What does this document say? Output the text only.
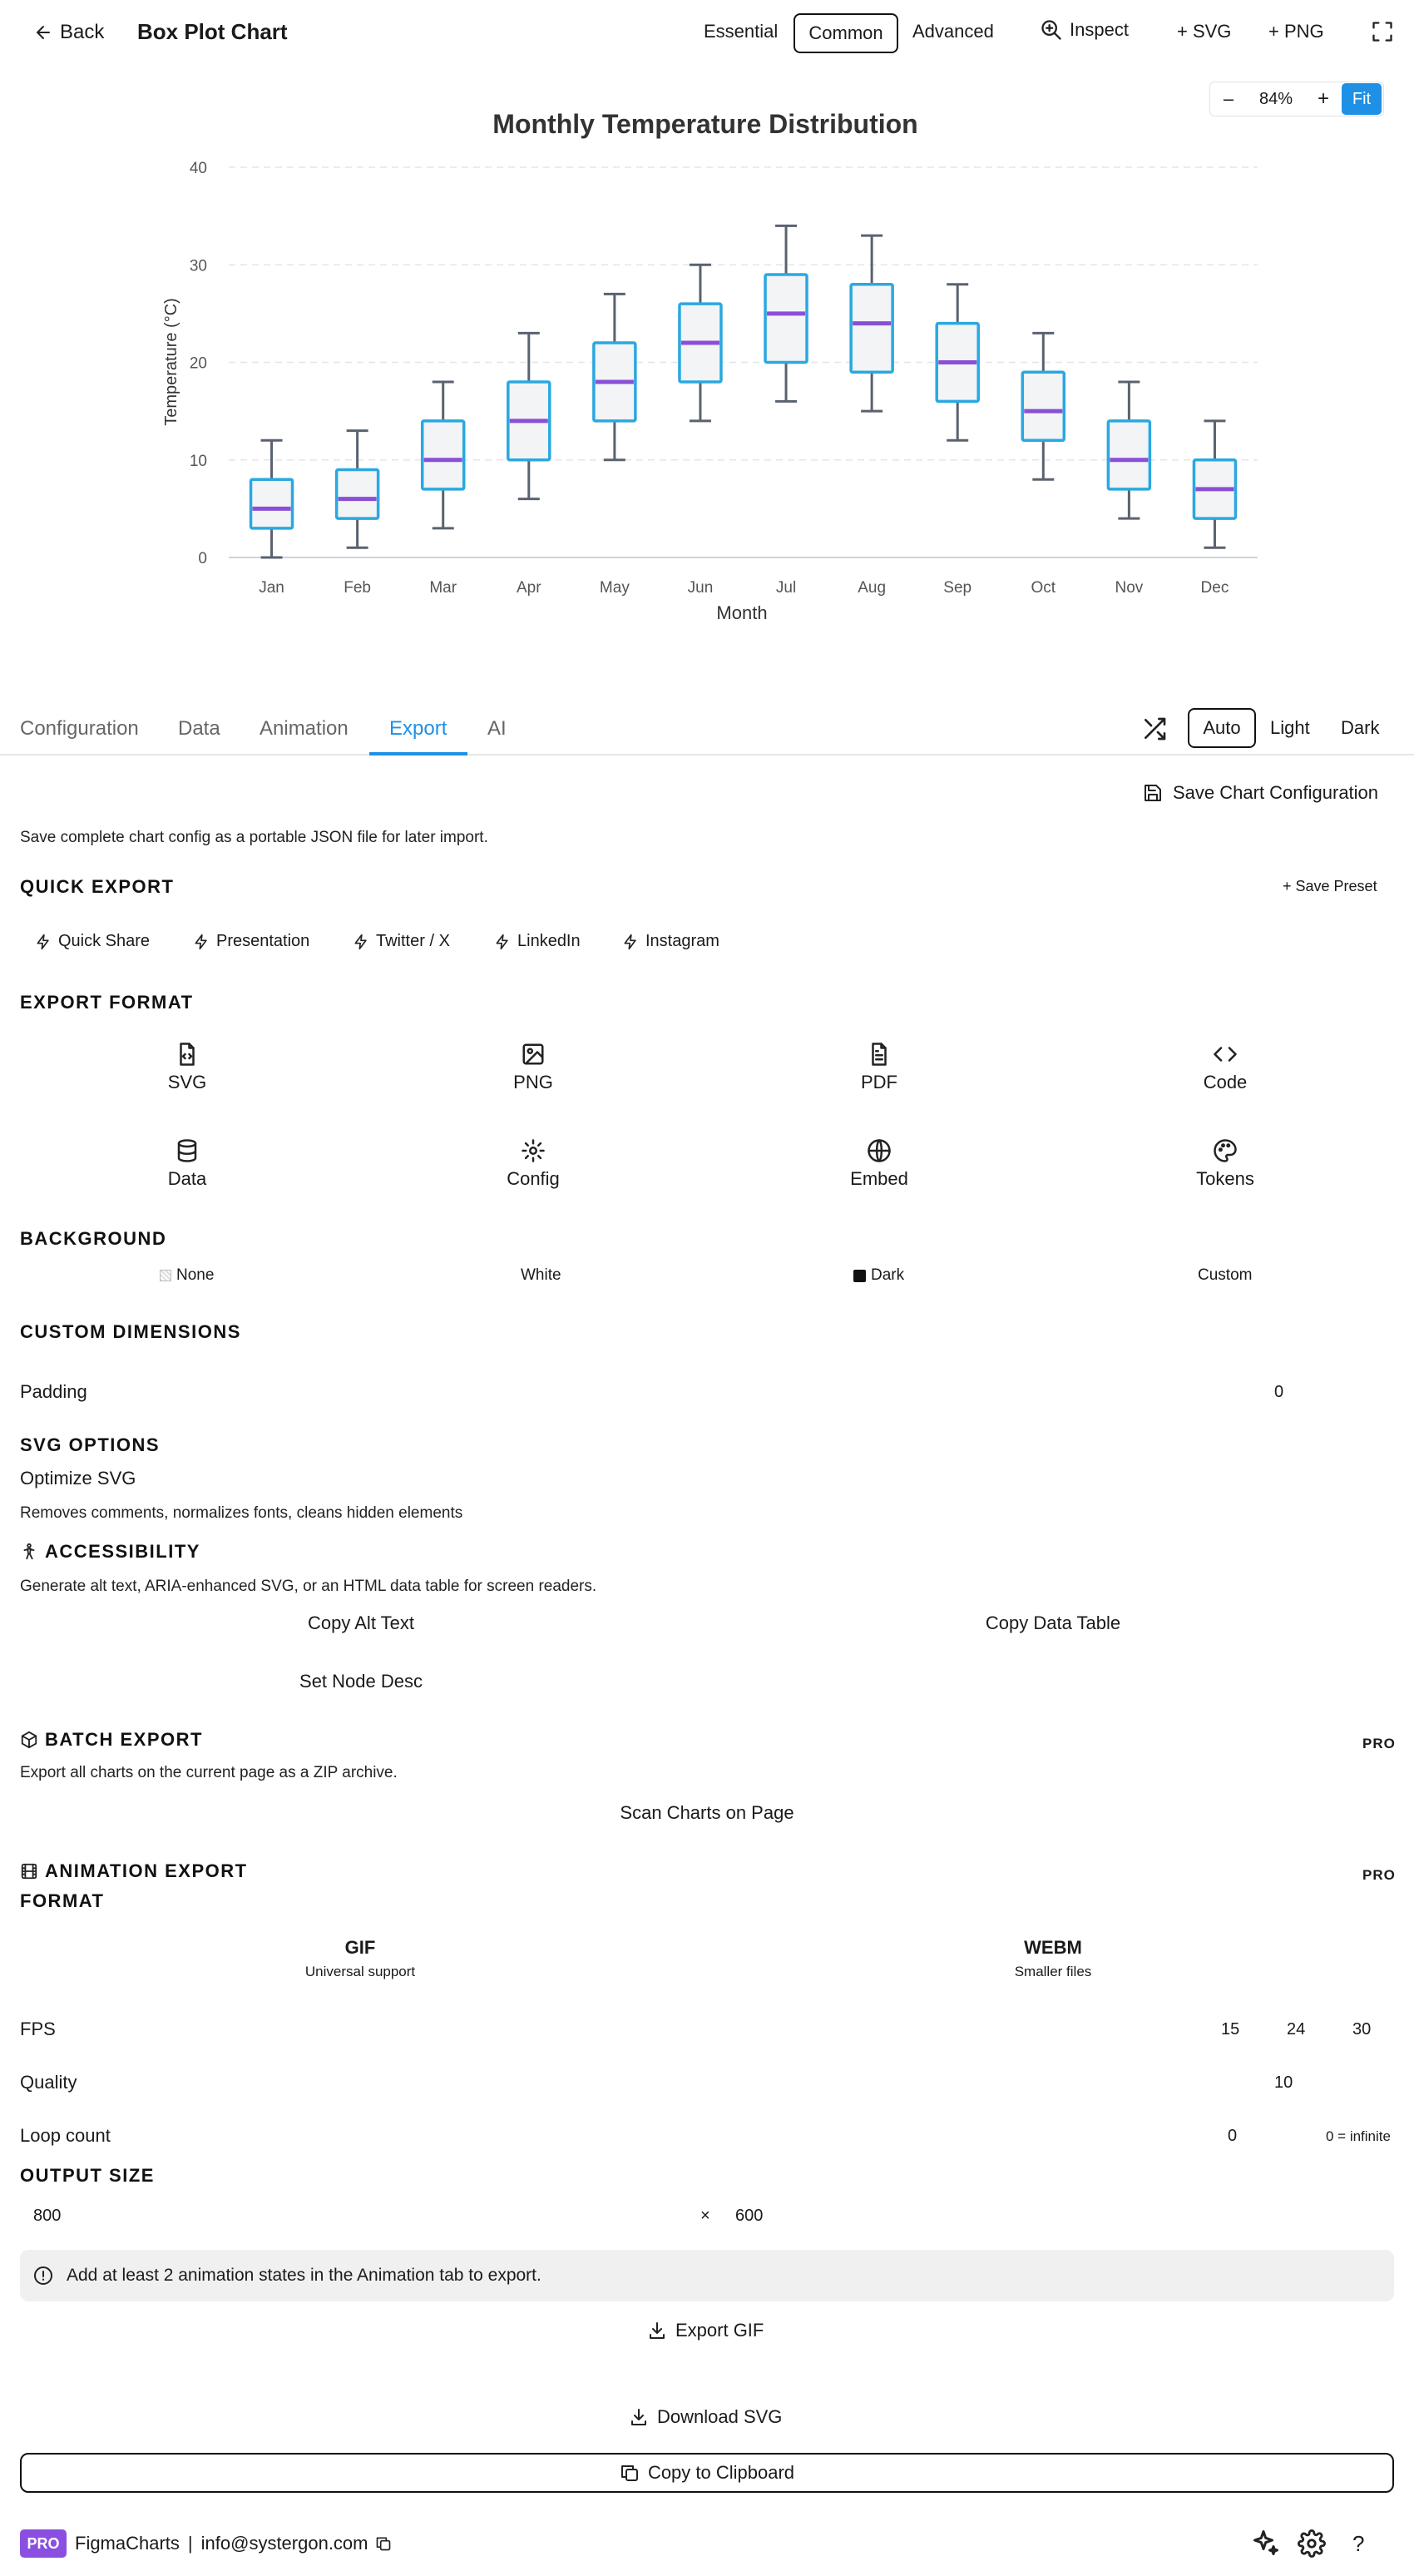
Back Box Plot Chart	Essential	Common	Advanced	Inspect	+ SVG + PNG
–	84%	+	Fit
Monthly Temperature Distribution
Temperature (°C)
Month
0
10
20
30
40
Jan	Feb	Mar	Apr	May	Jun	Jul	Aug	Sep	Oct	Nov	Dec
Configuration Data Animation Export AI	Auto	Light Dark
Save Chart Configuration
Save complete chart config as a portable JSON file for later import.
QUICK EXPORT	+ Save Preset
Quick Share	Presentation	Twitter / X	LinkedIn	Instagram
EXPORT FORMAT
SVG	PNG	PDF	Code
Data	Config	Embed	Tokens
BACKGROUND
None	White	Dark	Custom
CUSTOM DIMENSIONS
Padding	0
SVG OPTIONS
Optimize SVG
Removes comments, normalizes fonts, cleans hidden elements
ACCESSIBILITY
Generate alt text, ARIA-enhanced SVG, or an HTML data table for screen readers.
Copy Alt Text	Copy Data Table
Set Node Desc
BATCH EXPORT	PRO
Export all charts on the current page as a ZIP archive.
Scan Charts on Page
ANIMATION EXPORT	PRO
FORMAT
GIF
Universal support
WEBM
Smaller files
FPS	15	24	30
Quality	10
Loop count	0	0 = infinite
OUTPUT SIZE
800	× 600
Add at least 2 animation states in the Animation tab to export.
Export GIF
Download SVG
Copy to Clipboard
PRO FigmaCharts | info@systergon.com	?
